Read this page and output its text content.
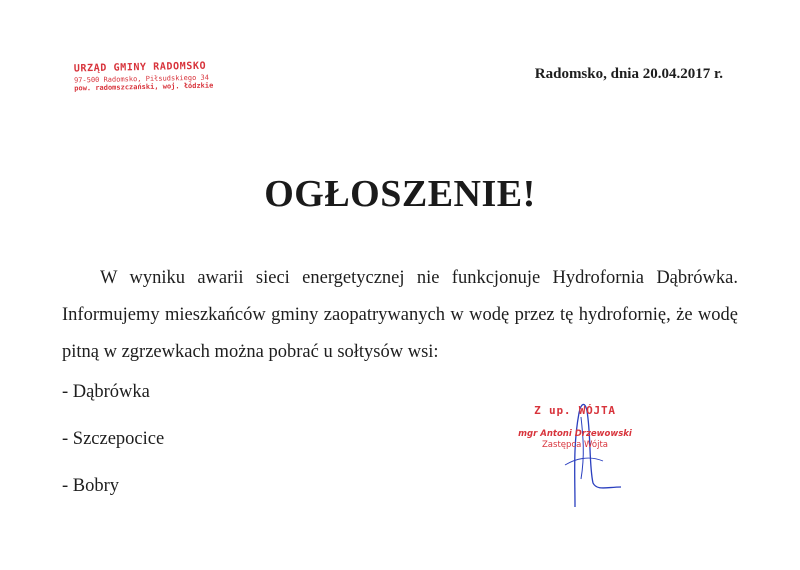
URZĄD GMINY RADOMSKO
97-500 Radomsko, Piłsudskiego 34
pow. radomszczański, woj. łódzkie
Radomsko, dnia 20.04.2017 r.
OGŁOSZENIE!

W wyniku awarii sieci energetycznej nie funkcjonuje Hydrofornia Dąbrówka. Informujemy mieszkańców gminy zaopatrywanych w wodę przez tę hydrofornię, że wodę pitną w zgrzewkach można pobrać u sołtysów wsi:

- Dąbrówka
- Szczepocice
- Bobry
Z up. WÓJTA
mgr Antoni Drzewowski
Zastępca Wójta
